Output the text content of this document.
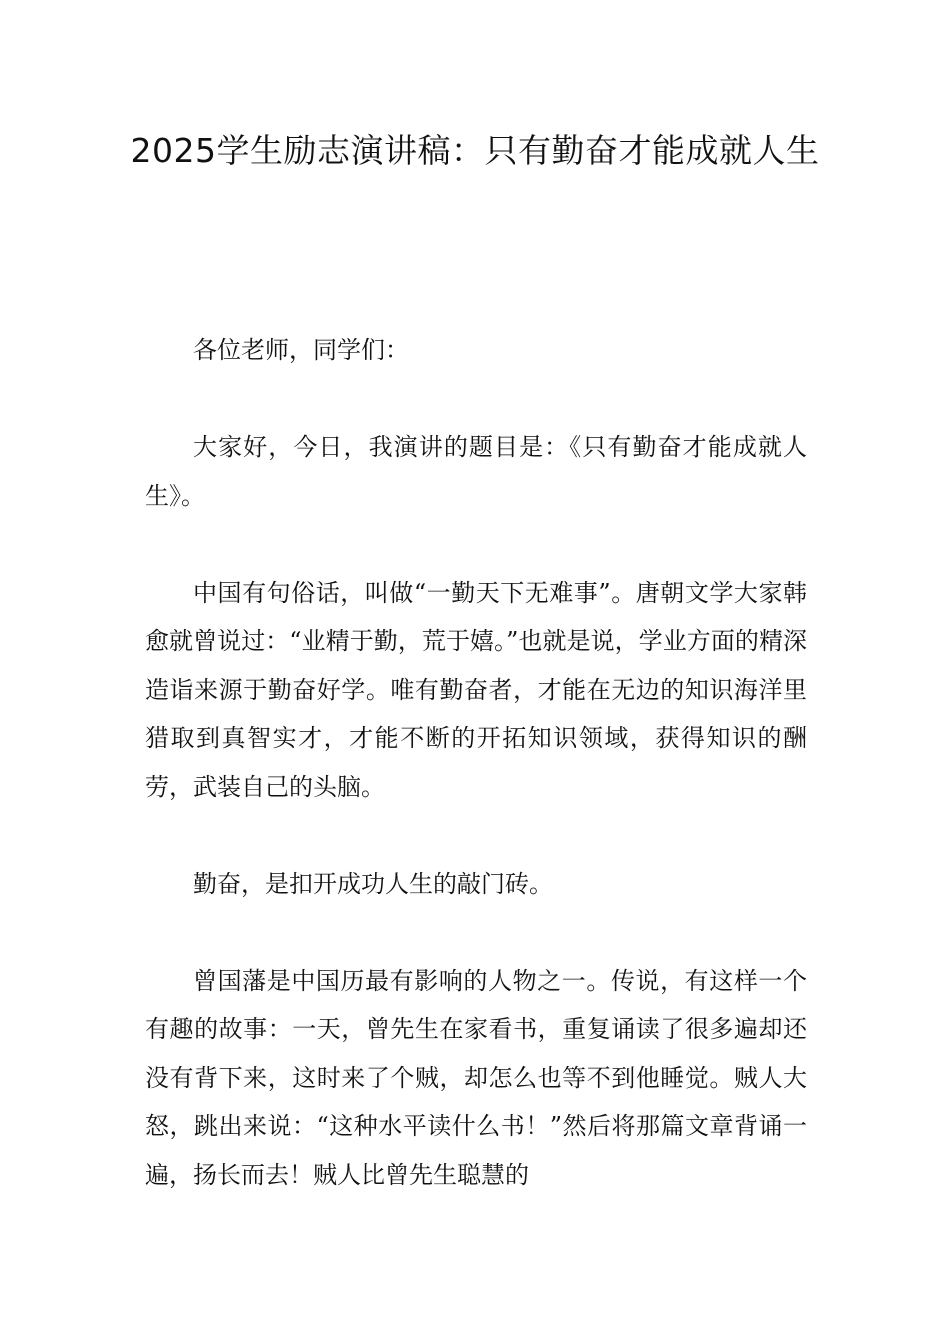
2025学生励志演讲稿：只有勤奋才能成就人生

各位老师，同学们：

大家好，今日，我演讲的题目是：《只有勤奋才能成就人生》。

中国有句俗话，叫做“一勤天下无难事”。唐朝文学大家韩愈就曾说过：“业精于勤，荒于嬉。”也就是说，学业方面的精深造诣来源于勤奋好学。唯有勤奋者，才能在无边的知识海洋里猎取到真智实才，才能不断的开拓知识领域，获得知识的酬劳，武装自己的头脑。

勤奋，是扣开成功人生的敲门砖。

曾国藩是中国历最有影响的人物之一。传说，有这样一个有趣的故事：一天，曾先生在家看书，重复诵读了很多遍却还没有背下来，这时来了个贼，却怎么也等不到他睡觉。贼人大怒，跳出来说：“这种水平读什么书！”然后将那篇文章背诵一遍，扬长而去！贼人比曾先生聪慧的
